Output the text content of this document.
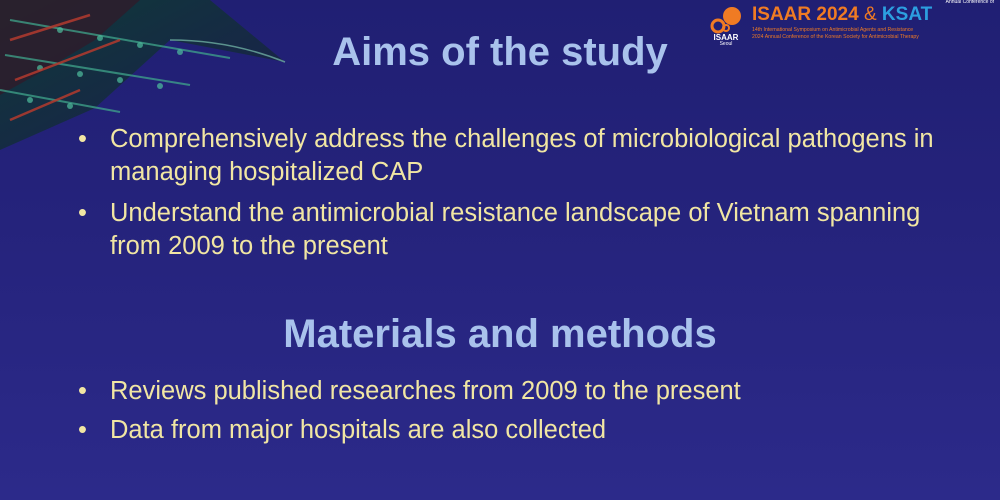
ISAAR
Seoul
Annual Conference of
ISAAR 2024 & KSAT
14th International Symposium on Antimicrobial Agents and Resistance
2024 Annual Conference of the Korean Society for Antimicrobial Therapy
Aims of the study
• Comprehensively address the challenges of microbiological pathogens in managing hospitalized CAP
• Understand the antimicrobial resistance landscape of Vietnam spanning from 2009 to the present
Materials and methods
• Reviews published researches from 2009 to the present
• Data from major hospitals are also collected
